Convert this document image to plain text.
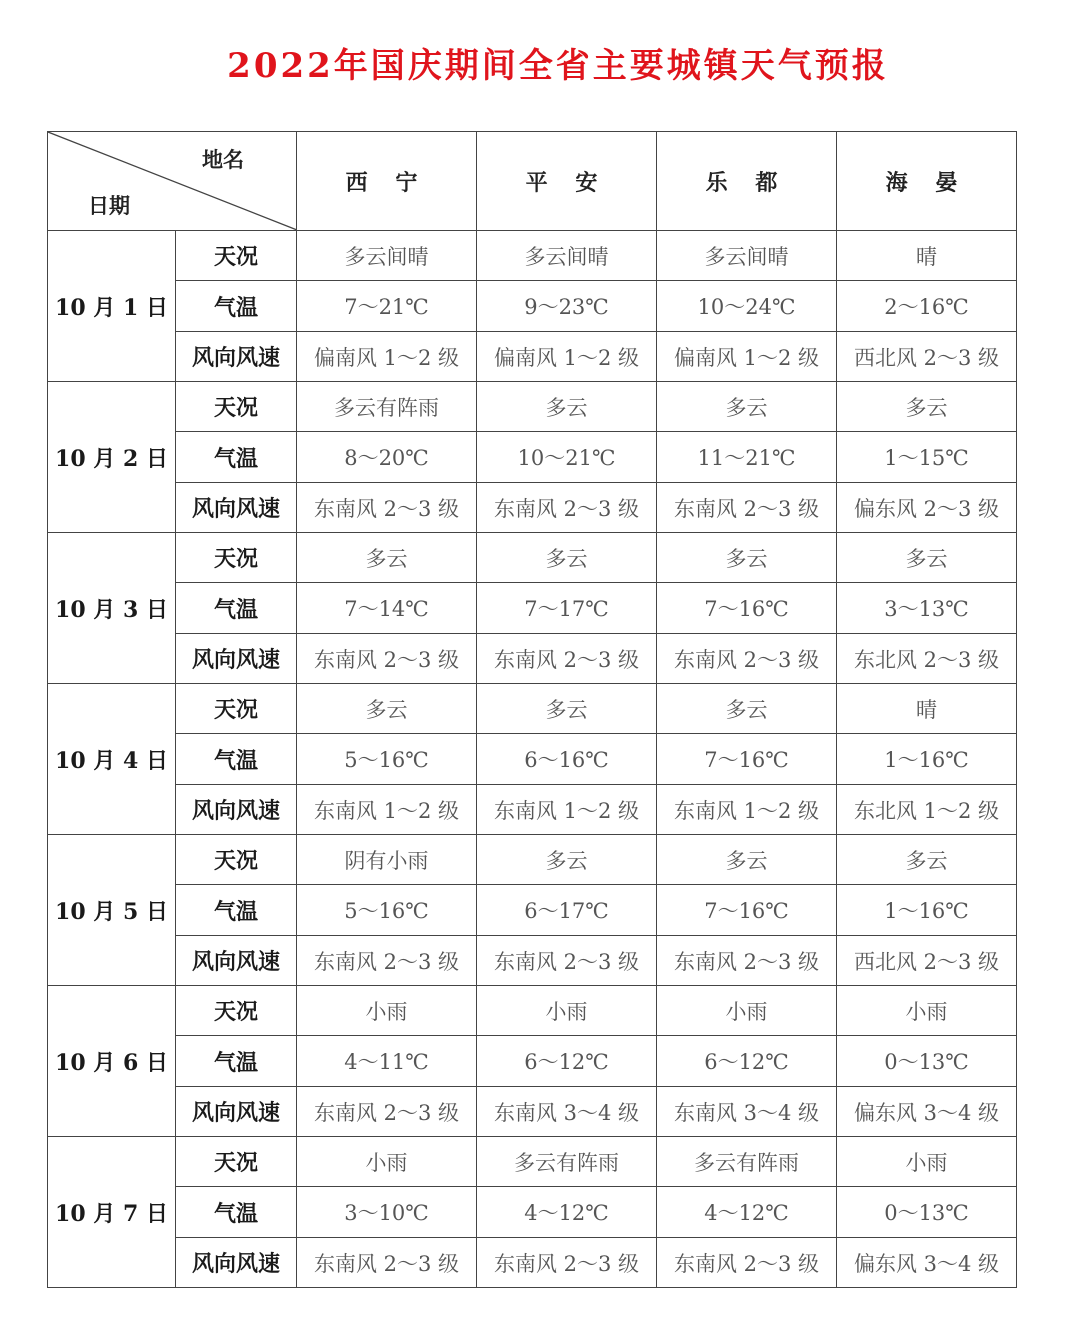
2022年国庆期间全省主要城镇天气预报
地名
日期		西 宁	平 安	乐 都	海 晏
10 月 1 日	天况	多云间晴	多云间晴	多云间晴	晴
	气温	7～21℃	9～23℃	10～24℃	2～16℃
	风向风速	偏南风 1～2 级	偏南风 1～2 级	偏南风 1～2 级	西北风 2～3 级
10 月 2 日	天况	多云有阵雨	多云	多云	多云
	气温	8～20℃	10～21℃	11～21℃	1～15℃
	风向风速	东南风 2～3 级	东南风 2～3 级	东南风 2～3 级	偏东风 2～3 级
10 月 3 日	天况	多云	多云	多云	多云
	气温	7～14℃	7～17℃	7～16℃	3～13℃
	风向风速	东南风 2～3 级	东南风 2～3 级	东南风 2～3 级	东北风 2～3 级
10 月 4 日	天况	多云	多云	多云	晴
	气温	5～16℃	6～16℃	7～16℃	1～16℃
	风向风速	东南风 1～2 级	东南风 1～2 级	东南风 1～2 级	东北风 1～2 级
10 月 5 日	天况	阴有小雨	多云	多云	多云
	气温	5～16℃	6～17℃	7～16℃	1～16℃
	风向风速	东南风 2～3 级	东南风 2～3 级	东南风 2～3 级	西北风 2～3 级
10 月 6 日	天况	小雨	小雨	小雨	小雨
	气温	4～11℃	6～12℃	6～12℃	0～13℃
	风向风速	东南风 2～3 级	东南风 3～4 级	东南风 3～4 级	偏东风 3～4 级
10 月 7 日	天况	小雨	多云有阵雨	多云有阵雨	小雨
	气温	3～10℃	4～12℃	4～12℃	0～13℃
	风向风速	东南风 2～3 级	东南风 2～3 级	东南风 2～3 级	偏东风 3～4 级
